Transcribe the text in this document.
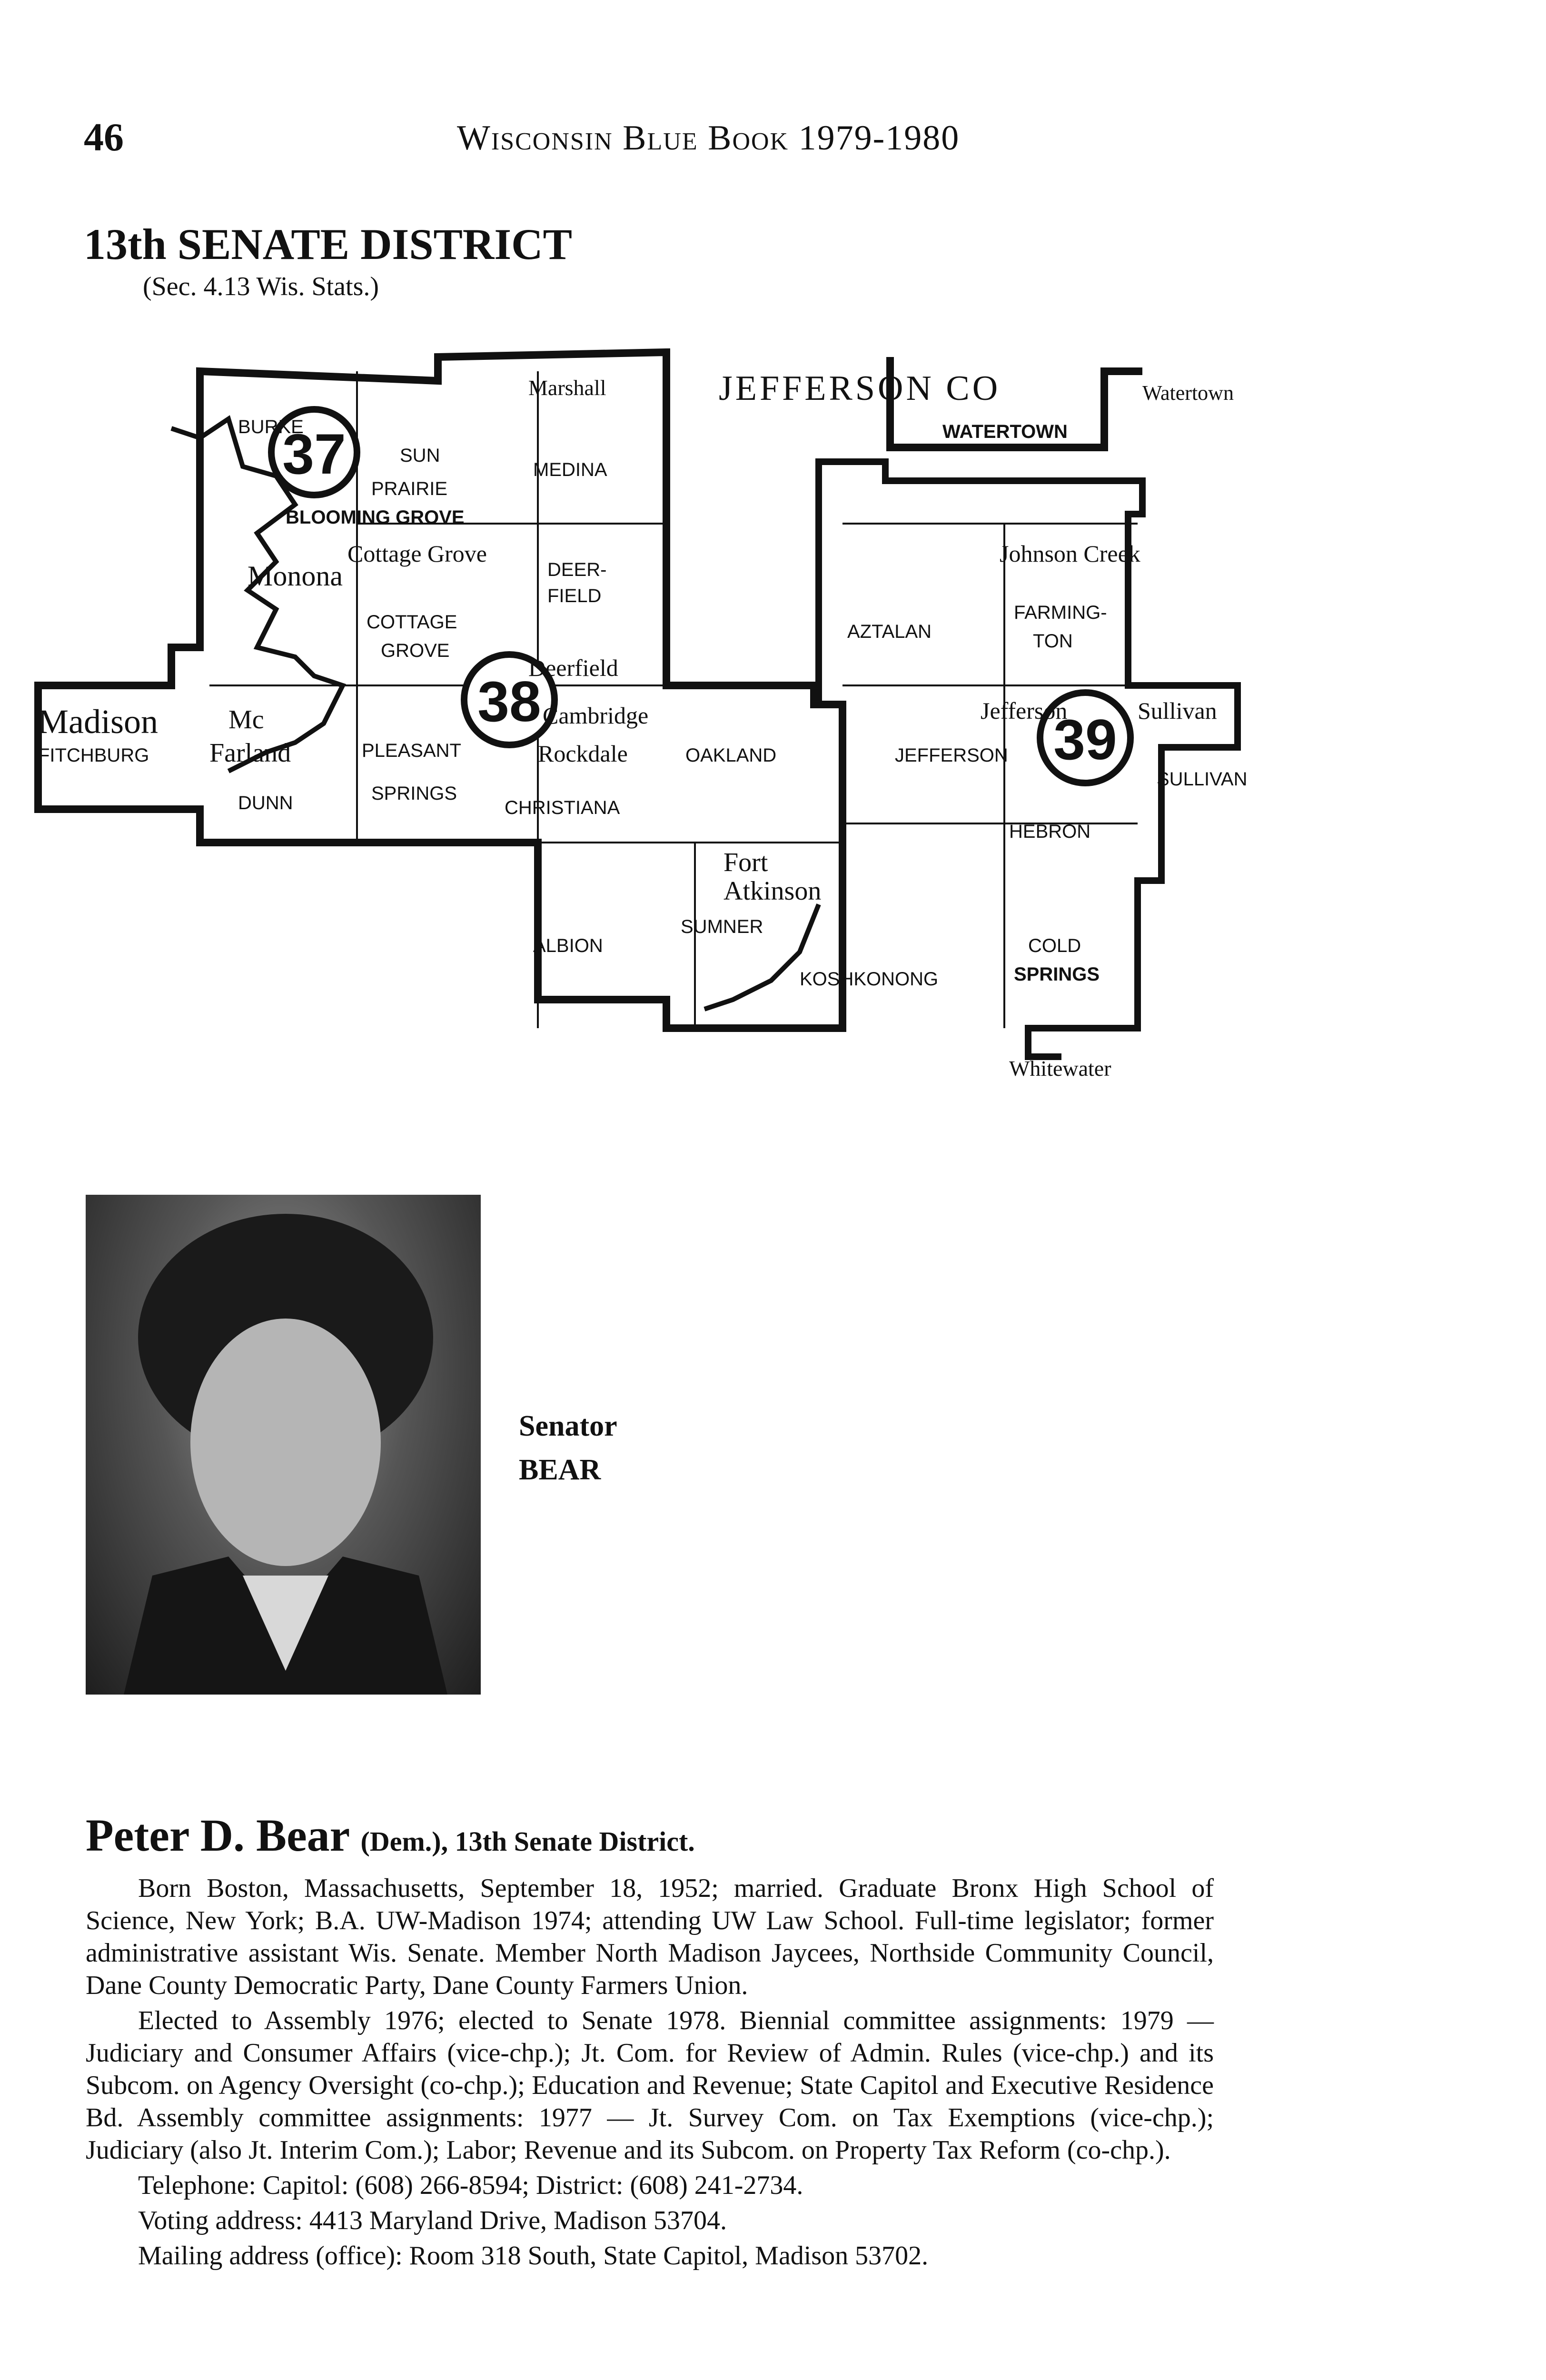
46	Wisconsin Blue Book 1979-1980
13th SENATE DISTRICT
(Sec. 4.13 Wis. Stats.)
37
38
39
JEFFERSON CO
BURKE
SUN
PRAIRIE
BLOOMING GROVE
Marshall
MEDINA
Watertown
WATERTOWN
Monona
Cottage Grove
DEER-
FIELD
Johnson Creek
AZTALAN
FARMING-
TON
COTTAGE
GROVE
Deerfield
Madison
FITCHBURG
Mc
Farland	PLEASANT
SPRINGS
Cambridge
Rockdale
CHRISTIANA
OAKLAND
Jefferson
JEFFERSON
Sullivan
SULLIVAN
DUNN
HEBRON
Fort
Atkinson
ALBION
SUMNER
KOSHKONONG
COLD
SPRINGS
Whitewater
Senator
BEAR
Peter D. Bear (Dem.), 13th Senate District.

Born Boston, Massachusetts, September 18, 1952; married. Graduate Bronx High School of Science, New York; B.A. UW-Madison 1974; attending UW Law School. Full-time legislator; former administrative assistant Wis. Senate. Member North Madison Jaycees, Northside Community Council, Dane County Democratic Party, Dane County Farmers Union.

Elected to Assembly 1976; elected to Senate 1978. Biennial committee assignments: 1979 — Judiciary and Consumer Affairs (vice-chp.); Jt. Com. for Review of Admin. Rules (vice-chp.) and its Subcom. on Agency Oversight (co-chp.); Education and Revenue; State Capitol and Executive Residence Bd. Assembly committee assignments: 1977 — Jt. Survey Com. on Tax Exemptions (vice-chp.); Judiciary (also Jt. Interim Com.); Labor; Revenue and its Subcom. on Property Tax Reform (co-chp.).

Telephone: Capitol: (608) 266-8594; District: (608) 241-2734.

Voting address: 4413 Maryland Drive, Madison 53704.

Mailing address (office): Room 318 South, State Capitol, Madison 53702.
